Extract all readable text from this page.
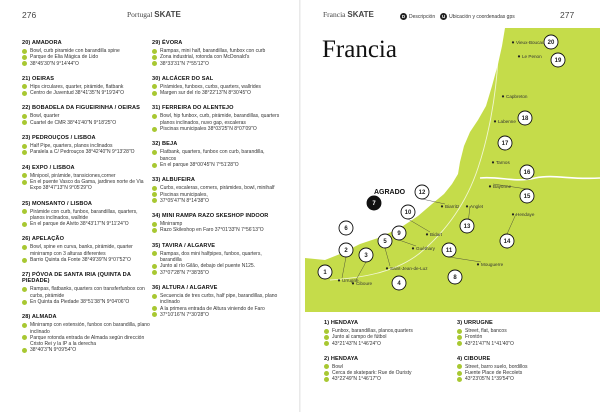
276	Portugal SKATE
20) AMADORA
Bowl, curb piramide con barandilla spine
Parque de Elia Mágica de Lido
38°45'30"N 9°14'44"O
21) OEIRAS
Hips circulares, quarter, pirámide, flatbank
Centro de Juventud 38°41'35"N 9°19'24"O
22) BOBADELA DA FIGUEIRINHA / OEIRAS
Bowl, quarter
Cuartel de CMR 38°41'40"N 9°18'25"O
23) PEDROUÇOS / LISBOA
Half Pipe, quarters, planos inclinados
Paralela a C/ Pedrouços 38°42'40"N 9°13'28"O
24) EXPO / LISBOA
Minipool, pirámide, transiciones,corner
En el puente Vasco da Gama, jardines norte de Via Expo 38°47'13"N 9°05'29"O
25) MONSANTO / LISBOA
Pirámide con curb, funbox, barandillas, quarters, planos inclinados, wallride
En el parque de Alvito 38°43'17"N 9°11'24"O
26) APELAÇÃO
Bowl, spine en curva, banks, pirámide, quarter minirramp con 3 alturas diferentes
Barrio Quinta da Fonte 38°49'39"N 9°07'52"O
27) PÓVOA DE SANTA IRIA (QUINTA DA PIEDADE)
Rampas, flatbanks, quarters con transferfunbox con curbs, pirámide
En Quinta da Piedade 38°51'38"N 9°04'06"O
28) ALMADA
Minirramp con extensión, funbox con barandilla, plano inclinado
Parque rotonda entrada de Almada según dirección Cristo Rei y la IP a la derecha
38°40'3"N 9°09'54"O
29) ÉVORA
Rampas, mini half, barandillas, funbox con curb
Zona industrial, rotonda con McDonald's
38°33'31"N 7°55'12"O
30) ALCÁCER DO SAL
Pirámides, funboxs, curbs, quarters, wallrides
Margen sur del río 38°22'13"N 8°30'45"O
31) FERREIRA DO ALENTEJO
Bowl, hip funbox, curb, pirámide, barandillas, quarters planos inclinados, nuvo gap, escaleras
Piscinas municipales 38°03'25"N 8°07'09"O
32) BEJA
Flatbank, quarters, funbox con curb, barandilla, bancos
En el parque 38°00'45"N 7°51'28"O
33) ALBUFEIRA
Curbs, escaleras, corners, pirámides, bowl, minihalf
Piscinas municipales,
37°05'47"N 8°14'38"O
34) MINI RAMPA RAZO SKESHOP INDOOR
Minirramp
Razo Skileshop en Faro 37°01'33"N 7°56'13"O
35) TAVIRA / ALGARVE
Rampas, dos mini halfpipes, funbox, quarters, barandilla
Junto al río Gilão, debajo del puente N125.
37°07'28"N 7°38'35"O
36) ALTURA / ALGARVE
Secuencia de tres curbs, half pipe, barandillas, plano inclinado
A la primera entrada de Altura viniendo de Faro
37°10'16"N 7°30'28"O
Francia SKATE	D Descripción	U Ubicación y coordenadas gps	277
Francia
1) HENDAYA
Funbox, barandillas, planos,quarters
Junto al campo de fútbol
43°21'43"N 1°46'24"O
2) HENDAYA
Bowl
Cerca de skatepark: Rue de Ouristy
43°22'49"N 1°46'17"O
3) URRUGNE
Street, flat, bancos
Frontón
43°21'47"N 1°41'40"O
4) CIBOURE
Street, barro suelo, bordillos
Fuente Place de Recolets
43°23'05"N 1°39'54"O
1
2
3
4
5
6
7
8
9
10
11
12
13
14
15
16
17
18
19
20
Vieux-Boucau
Le Penon
Capbreton
Labenne
Tarnos
Bayonne
Anglet
Biarritz
Bidart
Guéthary
Ciboure
Saint-Jean-de-Luz
Urrugne
Hendaye
Mouguerre
AGRADO
